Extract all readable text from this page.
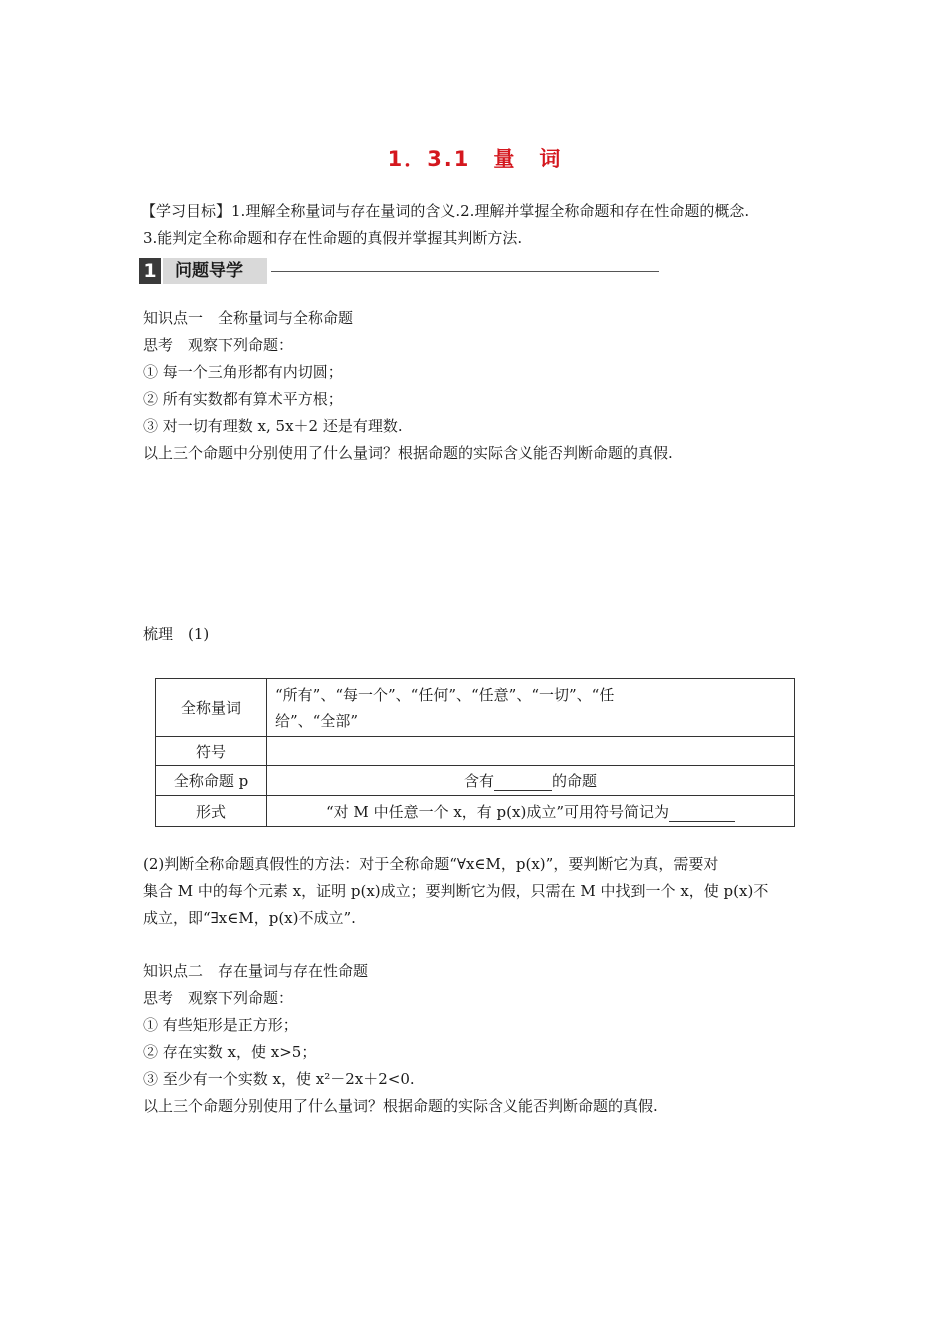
1．3.1　量　词
【学习目标】1.理解全称量词与存在量词的含义.2.理解并掌握全称命题和存在性命题的概念.
3.能判定全称命题和存在性命题的真假并掌握其判断方法.
1	问题导学
知识点一　全称量词与全称命题
思考　观察下列命题：
① 每一个三角形都有内切圆；
② 所有实数都有算术平方根；
③ 对一切有理数 x, 5x＋2 还是有理数.
以上三个命题中分别使用了什么量词？根据命题的实际含义能否判断命题的真假.
梳理　(1)
全称量词	“所有”、“每一个”、“任何”、“任意”、“一切”、“任
给”、“全部”

符号	
全称命题 p	含有 的命题
形式	“对 M 中任意一个 x，有 p(x)成立”可用符号简记为
(2)判断全称命题真假性的方法：对于全称命题“∀x∈M，p(x)”，要判断它为真，需要对
集合 M 中的每个元素 x，证明 p(x)成立；要判断它为假，只需在 M 中找到一个 x，使 p(x)不
成立，即“∃x∈M，p(x)不成立”.
知识点二　存在量词与存在性命题
思考　观察下列命题：
① 有些矩形是正方形；
② 存在实数 x，使 x>5；
③ 至少有一个实数 x，使 x²－2x＋2<0.
以上三个命题分别使用了什么量词？根据命题的实际含义能否判断命题的真假.
